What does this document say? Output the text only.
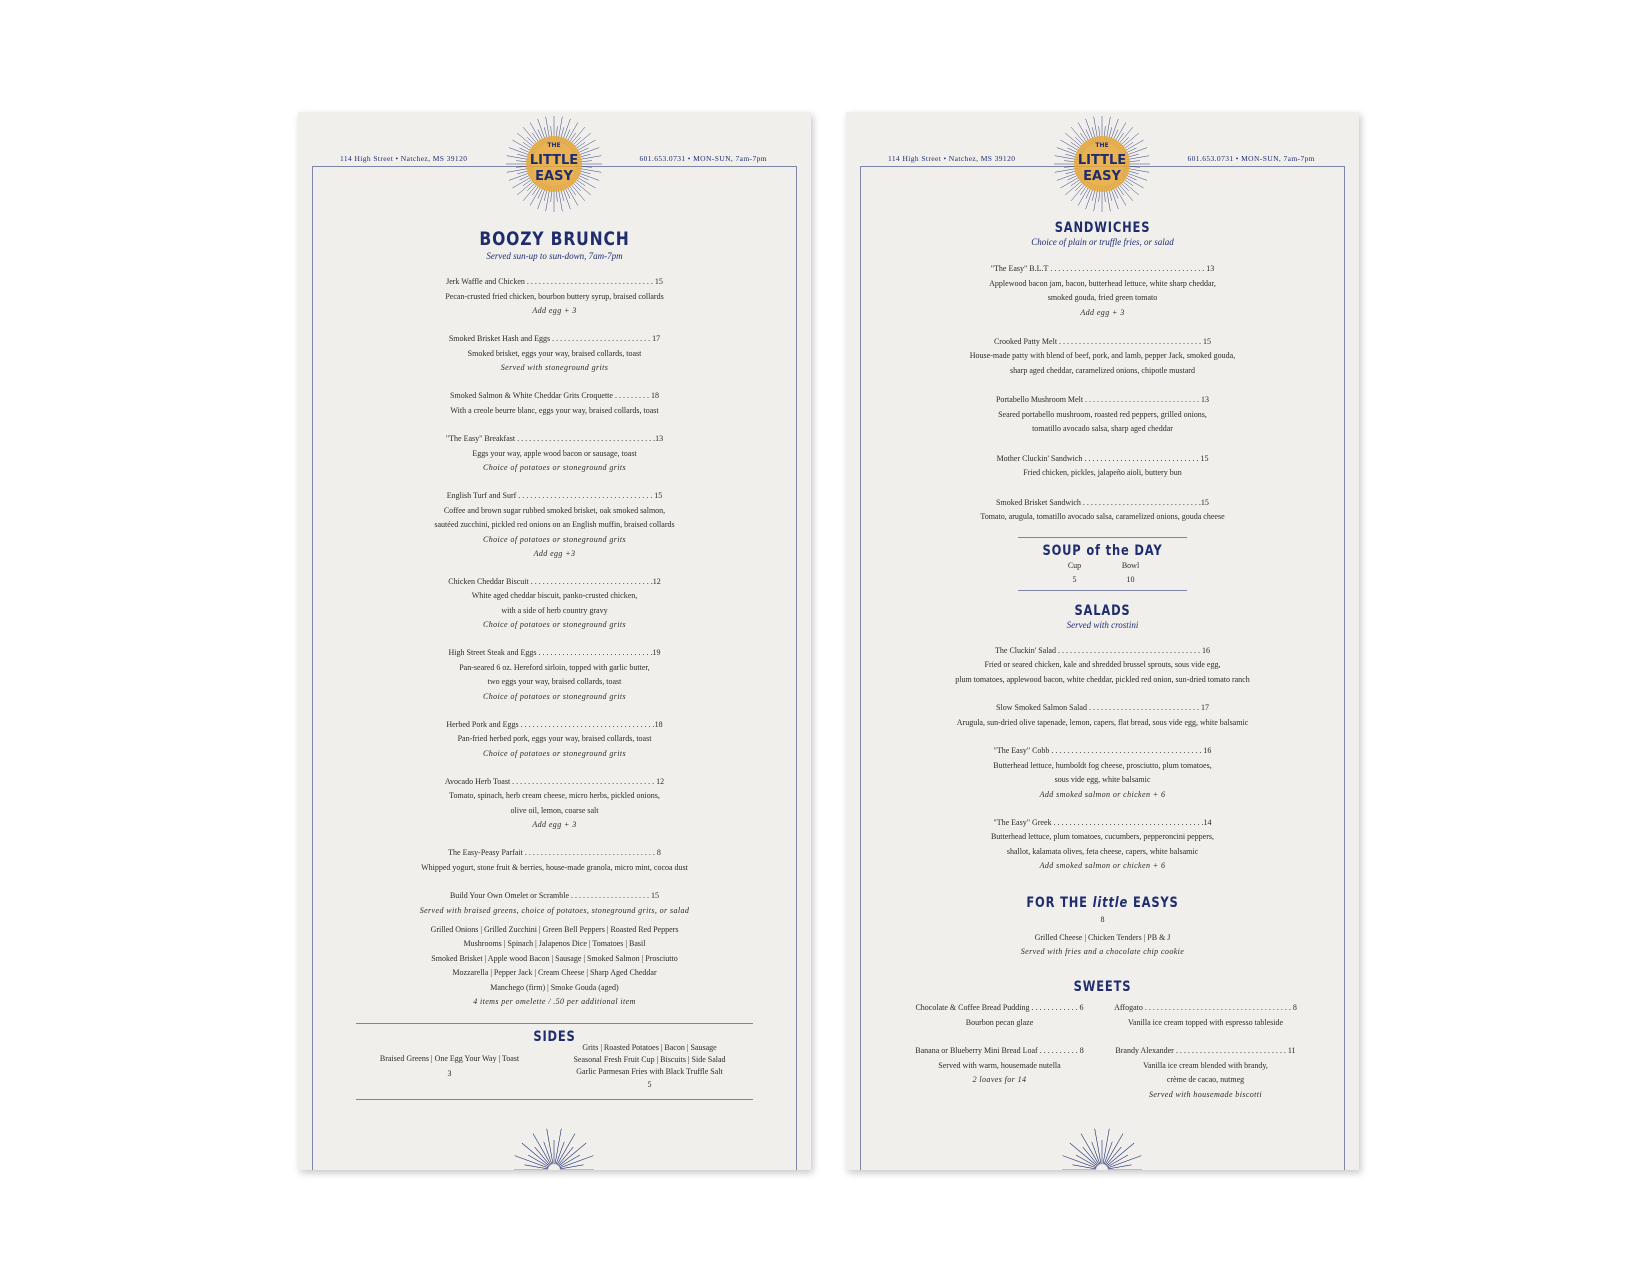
114 High Street • Natchez, MS 39120	601.653.0731 • MON-SUN, 7am-7pm
THE
LITTLE
EASY
BOOZY BRUNCH
Served sun-up to sun-down, 7am-7pm
Jerk Waffle and Chicken . . . . . . . . . . . . . . . . . . . . . . . . . . . . . . . . 15
Pecan-crusted fried chicken, bourbon buttery syrup, braised collards
Add egg + 3
Smoked Brisket Hash and Eggs . . . . . . . . . . . . . . . . . . . . . . . . . 17
Smoked brisket, eggs your way, braised collards, toast
Served with stoneground grits
Smoked Salmon & White Cheddar Grits Croquette . . . . . . . . . 18
With a creole beurre blanc, eggs your way, braised collards, toast
"The Easy" Breakfast . . . . . . . . . . . . . . . . . . . . . . . . . . . . . . . . . . .13
Eggs your way, apple wood bacon or sausage, toast
Choice of potatoes or stoneground grits
English Turf and Surf . . . . . . . . . . . . . . . . . . . . . . . . . . . . . . . . . . 15
Coffee and brown sugar rubbed smoked brisket, oak smoked salmon,
sautéed zucchini, pickled red onions on an English muffin, braised collards
Choice of potatoes or stoneground grits
Add egg +3
Chicken Cheddar Biscuit . . . . . . . . . . . . . . . . . . . . . . . . . . . . . . .12
White aged cheddar biscuit, panko-crusted chicken,
with a side of herb country gravy
Choice of potatoes or stoneground grits
High Street Steak and Eggs . . . . . . . . . . . . . . . . . . . . . . . . . . . . .19
Pan-seared 6 oz. Hereford sirloin, topped with garlic butter,
two eggs your way, braised collards, toast
Choice of potatoes or stoneground grits
Herbed Pork and Eggs . . . . . . . . . . . . . . . . . . . . . . . . . . . . . . . . . .18
Pan-fried herbed pork, eggs your way, braised collards, toast
Choice of potatoes or stoneground grits
Avocado Herb Toast . . . . . . . . . . . . . . . . . . . . . . . . . . . . . . . . . . . . 12
Tomato, spinach, herb cream cheese, micro herbs, pickled onions,
olive oil, lemon, coarse salt
Add egg + 3
The Easy-Peasy Parfait . . . . . . . . . . . . . . . . . . . . . . . . . . . . . . . . . 8
Whipped yogurt, stone fruit & berries, house-made granola, micro mint, cocoa dust
Build Your Own Omelet or Scramble . . . . . . . . . . . . . . . . . . . . 15
Served with braised greens, choice of potatoes, stoneground grits, or salad
Grilled Onions | Grilled Zucchini | Green Bell Peppers | Roasted Red Peppers
Mushrooms | Spinach | Jalapenos Dice | Tomatoes | Basil
Smoked Brisket | Apple wood Bacon | Sausage | Smoked Salmon | Prosciutto
Mozzarella | Pepper Jack | Cream Cheese | Sharp Aged Cheddar
Manchego (firm) | Smoke Gouda (aged)
4 items per omelette / .50 per additional item
SIDES
Braised Greens | One Egg Your Way | Toast
3
Grits | Roasted Potatoes | Bacon | Sausage
Seasonal Fresh Fruit Cup | Biscuits | Side Salad
Garlic Parmesan Fries with Black Truffle Salt
5
114 High Street • Natchez, MS 39120	601.653.0731 • MON-SUN, 7am-7pm
THE
LITTLE
EASY
SANDWICHES
Choice of plain or truffle fries, or salad
"The Easy" B.L.T . . . . . . . . . . . . . . . . . . . . . . . . . . . . . . . . . . . . . . . 13
Applewood bacon jam, bacon, butterhead lettuce, white sharp cheddar,
smoked gouda, fried green tomato
Add egg + 3
Crooked Patty Melt . . . . . . . . . . . . . . . . . . . . . . . . . . . . . . . . . . . . 15
House-made patty with blend of beef, pork, and lamb, pepper Jack, smoked gouda,
sharp aged cheddar, caramelized onions, chipotle mustard
Portabello Mushroom Melt . . . . . . . . . . . . . . . . . . . . . . . . . . . . . 13
Seared portabello mushroom, roasted red peppers, grilled onions,
tomatillo avocado salsa, sharp aged cheddar
Mother Cluckin' Sandwich . . . . . . . . . . . . . . . . . . . . . . . . . . . . . 15
Fried chicken, pickles, jalapeño aioli, buttery bun
Smoked Brisket Sandwich . . . . . . . . . . . . . . . . . . . . . . . . . . . . . .15
Tomato, arugula, tomatillo avocado salsa, caramelized onions, gouda cheese
SOUP of the DAY
Cup
5
Bowl
10
SALADS
Served with crostini
The Cluckin' Salad . . . . . . . . . . . . . . . . . . . . . . . . . . . . . . . . . . . . 16
Fried or seared chicken, kale and shredded brussel sprouts, sous vide egg,
plum tomatoes, applewood bacon, white cheddar, pickled red onion, sun-dried tomato ranch
Slow Smoked Salmon Salad . . . . . . . . . . . . . . . . . . . . . . . . . . . . 17
Arugula, sun-dried olive tapenade, lemon, capers, flat bread, sous vide egg, white balsamic
"The Easy" Cobb . . . . . . . . . . . . . . . . . . . . . . . . . . . . . . . . . . . . . . 16
Butterhead lettuce, humboldt fog cheese, prosciutto, plum tomatoes,
sous vide egg, white balsamic
Add smoked salmon or chicken + 6
"The Easy" Greek . . . . . . . . . . . . . . . . . . . . . . . . . . . . . . . . . . . . . .14
Butterhead lettuce, plum tomatoes, cucumbers, pepperoncini peppers,
shallot, kalamata olives, feta cheese, capers, white balsamic
Add smoked salmon or chicken + 6
FOR THE little EASYS
8
Grilled Cheese | Chicken Tenders | PB & J
Served with fries and a chocolate chip cookie
SWEETS
Chocolate & Coffee Bread Pudding . . . . . . . . . . . . 6
Bourbon pecan glaze
Banana or Blueberry Mini Bread Loaf . . . . . . . . . . 8
Served with warm, housemade nutella
2 loaves for 14
Affogato . . . . . . . . . . . . . . . . . . . . . . . . . . . . . . . . . . . . . 8
Vanilla ice cream topped with espresso tableside
Brandy Alexander . . . . . . . . . . . . . . . . . . . . . . . . . . . . 11
Vanilla ice cream blended with brandy,
crème de cacao, nutmeg
Served with housemade biscotti
